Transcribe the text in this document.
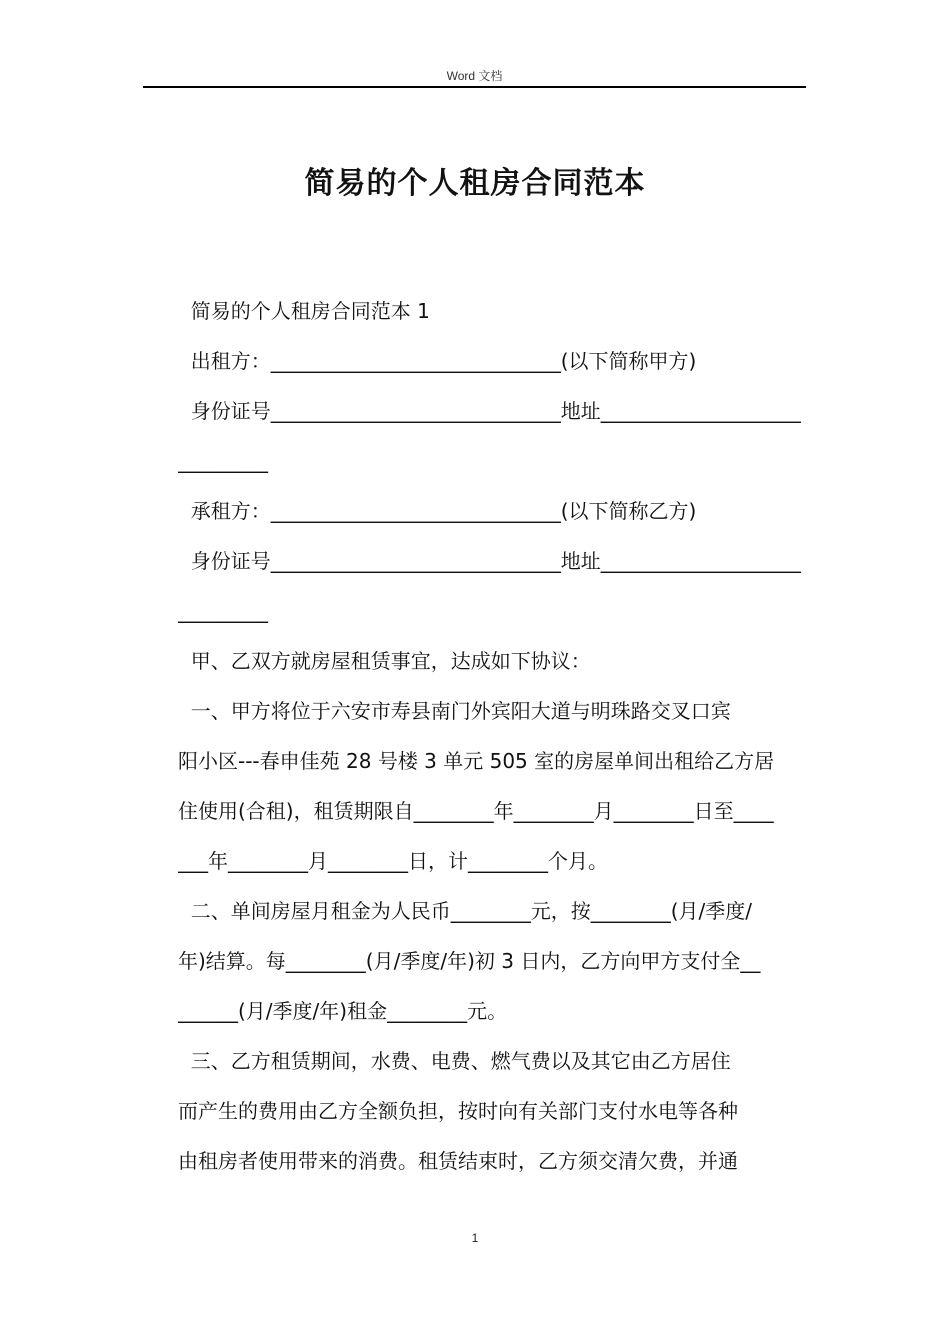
Word 文档
简易的个人租房合同范本
简易的个人租房合同范本 1
出租方：_____________________________(以下简称甲方)
身份证号_____________________________地址____________________
_________
承租方：_____________________________(以下简称乙方)
身份证号_____________________________地址____________________
_________
甲、乙双方就房屋租赁事宜，达成如下协议：
一、甲方将位于六安市寿县南门外宾阳大道与明珠路交叉口宾
阳小区---春申佳苑 28 号楼 3 单元 505 室的房屋单间出租给乙方居
住使用(合租)，租赁期限自________年________月________日至____
___年________月________日，计________个月。
二、单间房屋月租金为人民币________元，按________(月/季度/
年)结算。每________(月/季度/年)初 3 日内，乙方向甲方支付全__
______(月/季度/年)租金________元。
三、乙方租赁期间，水费、电费、燃气费以及其它由乙方居住
而产生的费用由乙方全额负担，按时向有关部门支付水电等各种
由租房者使用带来的消费。租赁结束时，乙方须交清欠费，并通
1
